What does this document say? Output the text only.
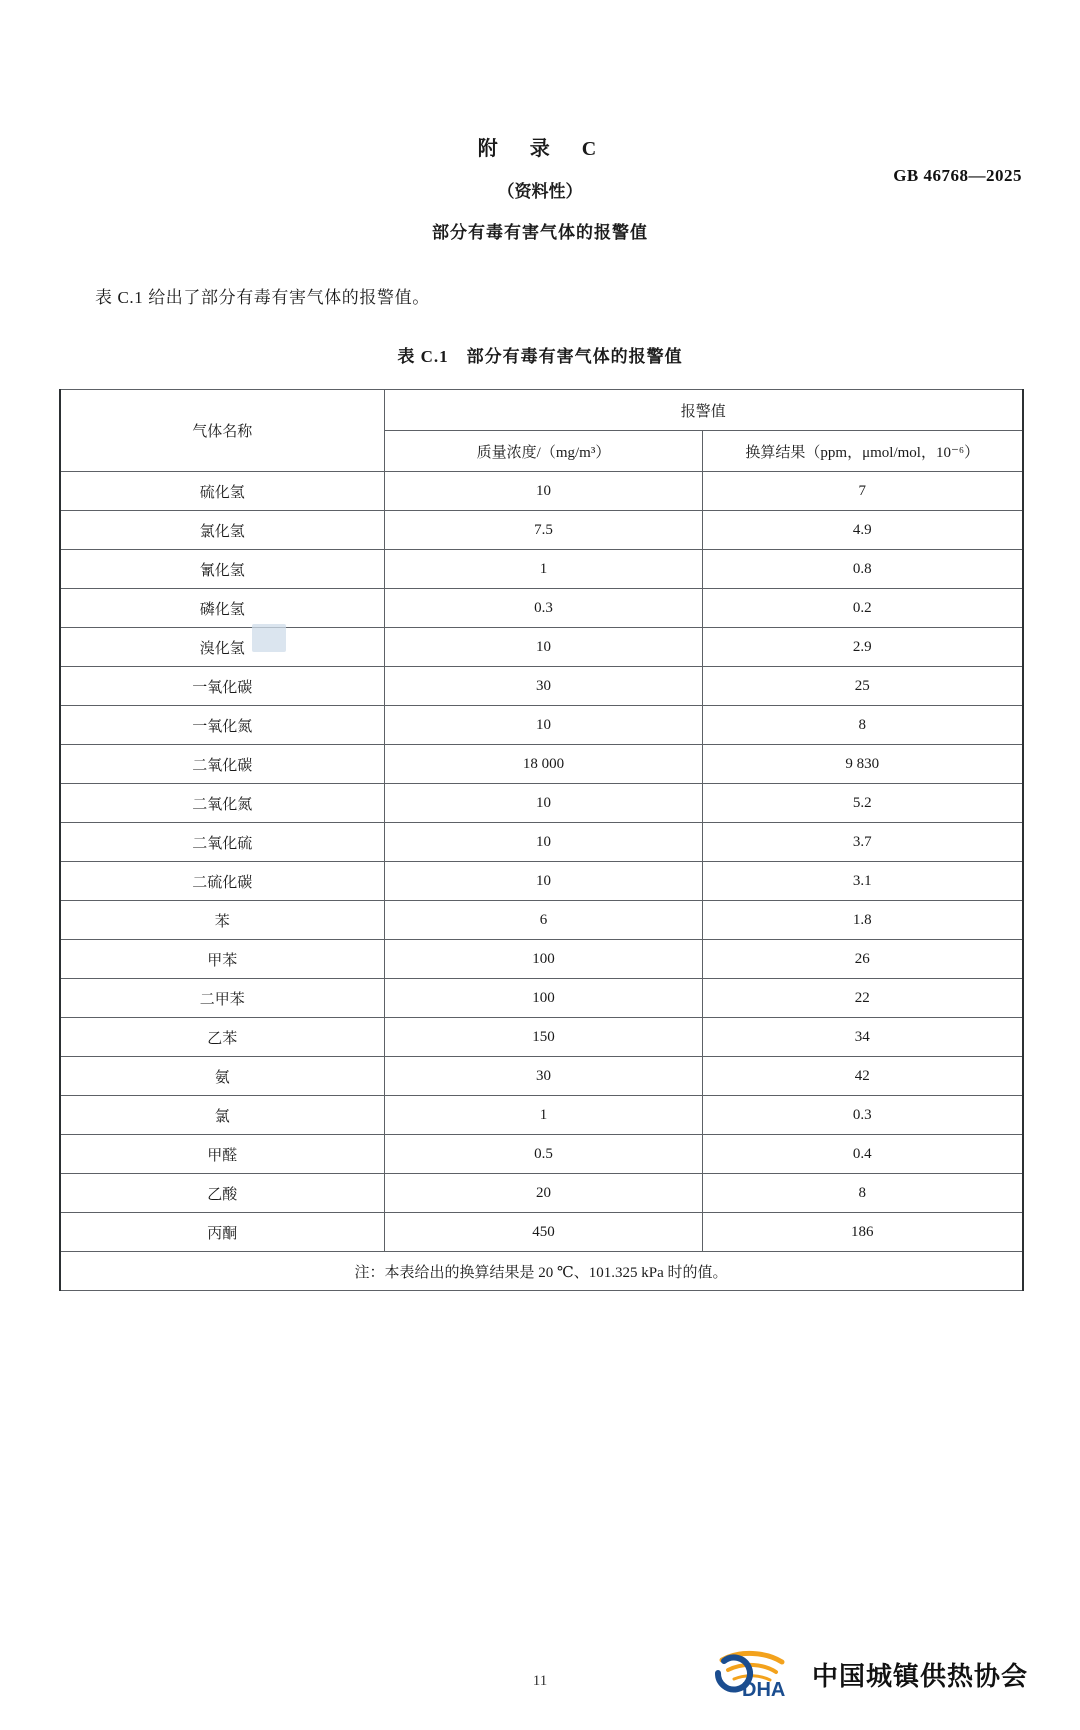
GB 46768—2025
附　录　C
（资料性）
部分有毒有害气体的报警值
表 C.1 给出了部分有毒有害气体的报警值。
表 C.1　部分有毒有害气体的报警值
气体名称	报警值	
	质量浓度/（mg/m³）	换算结果（ppm，μmol/mol，10⁻⁶）
硫化氢	10	7
氯化氢	7.5	4.9
氰化氢	1	0.8
磷化氢	0.3	0.2
溴化氢	10	2.9
一氧化碳	30	25
一氧化氮	10	8
二氧化碳	18 000	9 830
二氧化氮	10	5.2
二氧化硫	10	3.7
二硫化碳	10	3.1
苯	6	1.8
甲苯	100	26
二甲苯	100	22
乙苯	150	34
氨	30	42
氯	1	0.3
甲醛	0.5	0.4
乙酸	20	8
丙酮	450	186
注：本表给出的换算结果是 20 ℃、101.325 kPa 时的值。		
11	DHA 中国城镇供热协会
